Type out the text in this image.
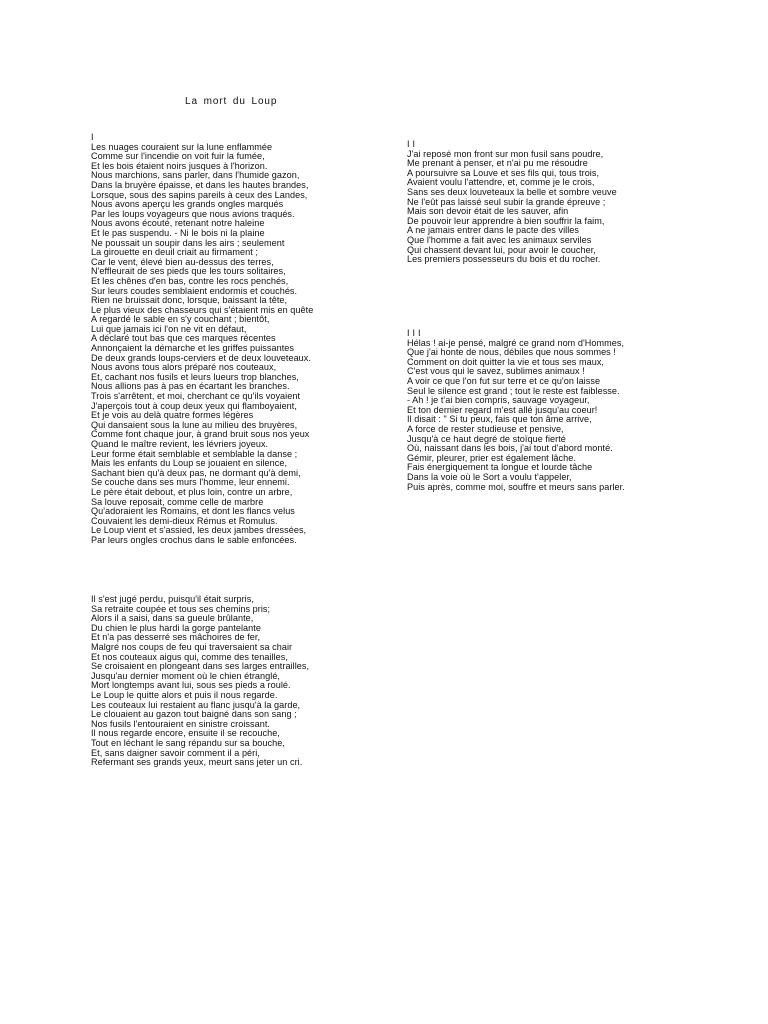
La mort du Loup
I
Les nuages couraient sur la lune enflammée
Comme sur l'incendie on voit fuir la fumée,
Et les bois étaient noirs jusques à l'horizon.
Nous marchions, sans parler, dans l'humide gazon,
Dans la bruyère épaisse, et dans les hautes brandes,
Lorsque, sous des sapins pareils à ceux des Landes,
Nous avons aperçu les grands ongles marqués
Par les loups voyageurs que nous avions traqués.
Nous avons écouté, retenant notre haleine
Et le pas suspendu. - Ni le bois ni la plaine
Ne poussait un soupir dans les airs ; seulement
La girouette en deuil criait au firmament ;
Car le vent, élevé bien au-dessus des terres,
N'effleurait de ses pieds que les tours solitaires,
Et les chênes d'en bas, contre les rocs penchés,
Sur leurs coudes semblaient endormis et couchés.
Rien ne bruissait donc, lorsque, baissant la tête,
Le plus vieux des chasseurs qui s'étaient mis en quête
A regardé le sable en s'y couchant ; bientôt,
Lui que jamais ici l'on ne vit en défaut,
A déclaré tout bas que ces marques récentes
Annonçaient la démarche et les griffes puissantes
De deux grands loups-cerviers et de deux louveteaux.
Nous avons tous alors préparé nos couteaux,
Et, cachant nos fusils et leurs lueurs trop blanches,
Nous allions pas à pas en écartant les branches.
Trois s'arrêtent, et moi, cherchant ce qu'ils voyaient
J'aperçois tout à coup deux yeux qui flamboyaient,
Et je vois au delà quatre formes légères
Qui dansaient sous la lune au milieu des bruyères,
Comme font chaque jour, à grand bruit sous nos yeux
Quand le maître revient, les lévriers joyeux.
Leur forme était semblable et semblable la danse ;
Mais les enfants du Loup se jouaient en silence,
Sachant bien qu'à deux pas, ne dormant qu'à demi,
Se couche dans ses murs l'homme, leur ennemi.
Le père était debout, et plus loin, contre un arbre,
Sa louve reposait, comme celle de marbre
Qu'adoraient les Romains, et dont les flancs velus
Couvaient les demi-dieux Rémus et Romulus.
Le Loup vient et s'assied, les deux jambes dressées,
Par leurs ongles crochus dans le sable enfoncées.
Il s'est jugé perdu, puisqu'il était surpris,
Sa retraite coupée et tous ses chemins pris;
Alors il a saisi, dans sa gueule brûlante,
Du chien le plus hardi la gorge pantelante
Et n'a pas desserré ses mâchoires de fer,
Malgré nos coups de feu qui traversaient sa chair
Et nos couteaux aigus qui, comme des tenailles,
Se croisaient en plongeant dans ses larges entrailles,
Jusqu'au dernier moment où le chien étranglé,
Mort longtemps avant lui, sous ses pieds a roulé.
Le Loup le quitte alors et puis il nous regarde.
Les couteaux lui restaient au flanc jusqu'à la garde,
Le clouaient au gazon tout baigné dans son sang ;
Nos fusils l'entouraient en sinistre croissant.
Il nous regarde encore, ensuite il se recouche,
Tout en léchant le sang répandu sur sa bouche,
Et, sans daigner savoir comment il a péri,
Refermant ses grands yeux, meurt sans jeter un cri.
II
J'ai reposé mon front sur mon fusil sans poudre,
Me prenant à penser, et n'ai pu me résoudre
A poursuivre sa Louve et ses fils qui, tous trois,
Avaient voulu l'attendre, et, comme je le crois,
Sans ses deux louveteaux la belle et sombre veuve
Ne l'eût pas laissé seul subir la grande épreuve ;
Mais son devoir était de les sauver, afin
De pouvoir leur apprendre à bien souffrir la faim,
A ne jamais entrer dans le pacte des villes
Que l'homme a fait avec les animaux serviles
Qui chassent devant lui, pour avoir le coucher,
Les premiers possesseurs du bois et du rocher.
III
Hélas ! ai-je pensé, malgré ce grand nom d'Hommes,
Que j'ai honte de nous, débiles que nous sommes !
Comment on doit quitter la vie et tous ses maux,
C'est vous qui le savez, sublimes animaux !
A voir ce que l'on fut sur terre et ce qu'on laisse
Seul le silence est grand ; tout le reste est faiblesse.
- Ah ! je t'ai bien compris, sauvage voyageur,
Et ton dernier regard m'est allé jusqu'au coeur!
Il disait : " Si tu peux, fais que ton âme arrive,
A force de rester studieuse et pensive,
Jusqu'à ce haut degré de stoïque fierté
Où, naissant dans les bois, j'ai tout d'abord monté.
Gémir, pleurer, prier est également lâche.
Fais énergiquement ta longue et lourde tâche
Dans la voie où le Sort a voulu t'appeler,
Puis après, comme moi, souffre et meurs sans parler.
